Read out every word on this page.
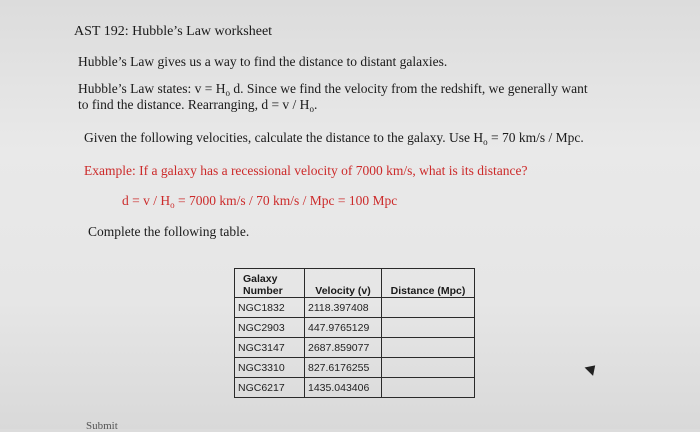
AST 192: Hubble’s Law worksheet
Hubble’s Law gives us a way to find the distance to distant galaxies.
Hubble’s Law states: $v = H_o$ d. Since we find the velocity from the redshift, we generally want
to find the distance. Rearranging, $d = v / H_o$.
Given the following velocities, calculate the distance to the galaxy. Use $H_o = 70$ km/s / Mpc.
Example: If a galaxy has a recessional velocity of 7000 km/s, what is its distance?
$d = v / H_o = 7000$ km/s / 70 km/s / Mpc = 100 Mpc
Complete the following table.
Galaxy Number	Velocity (v)	Distance (Mpc)
NGC1832	2118.397408	
NGC2903	447.9765129	
NGC3147	2687.859077	
NGC3310	827.6176255	
NGC6217	1435.043406	
Submit
